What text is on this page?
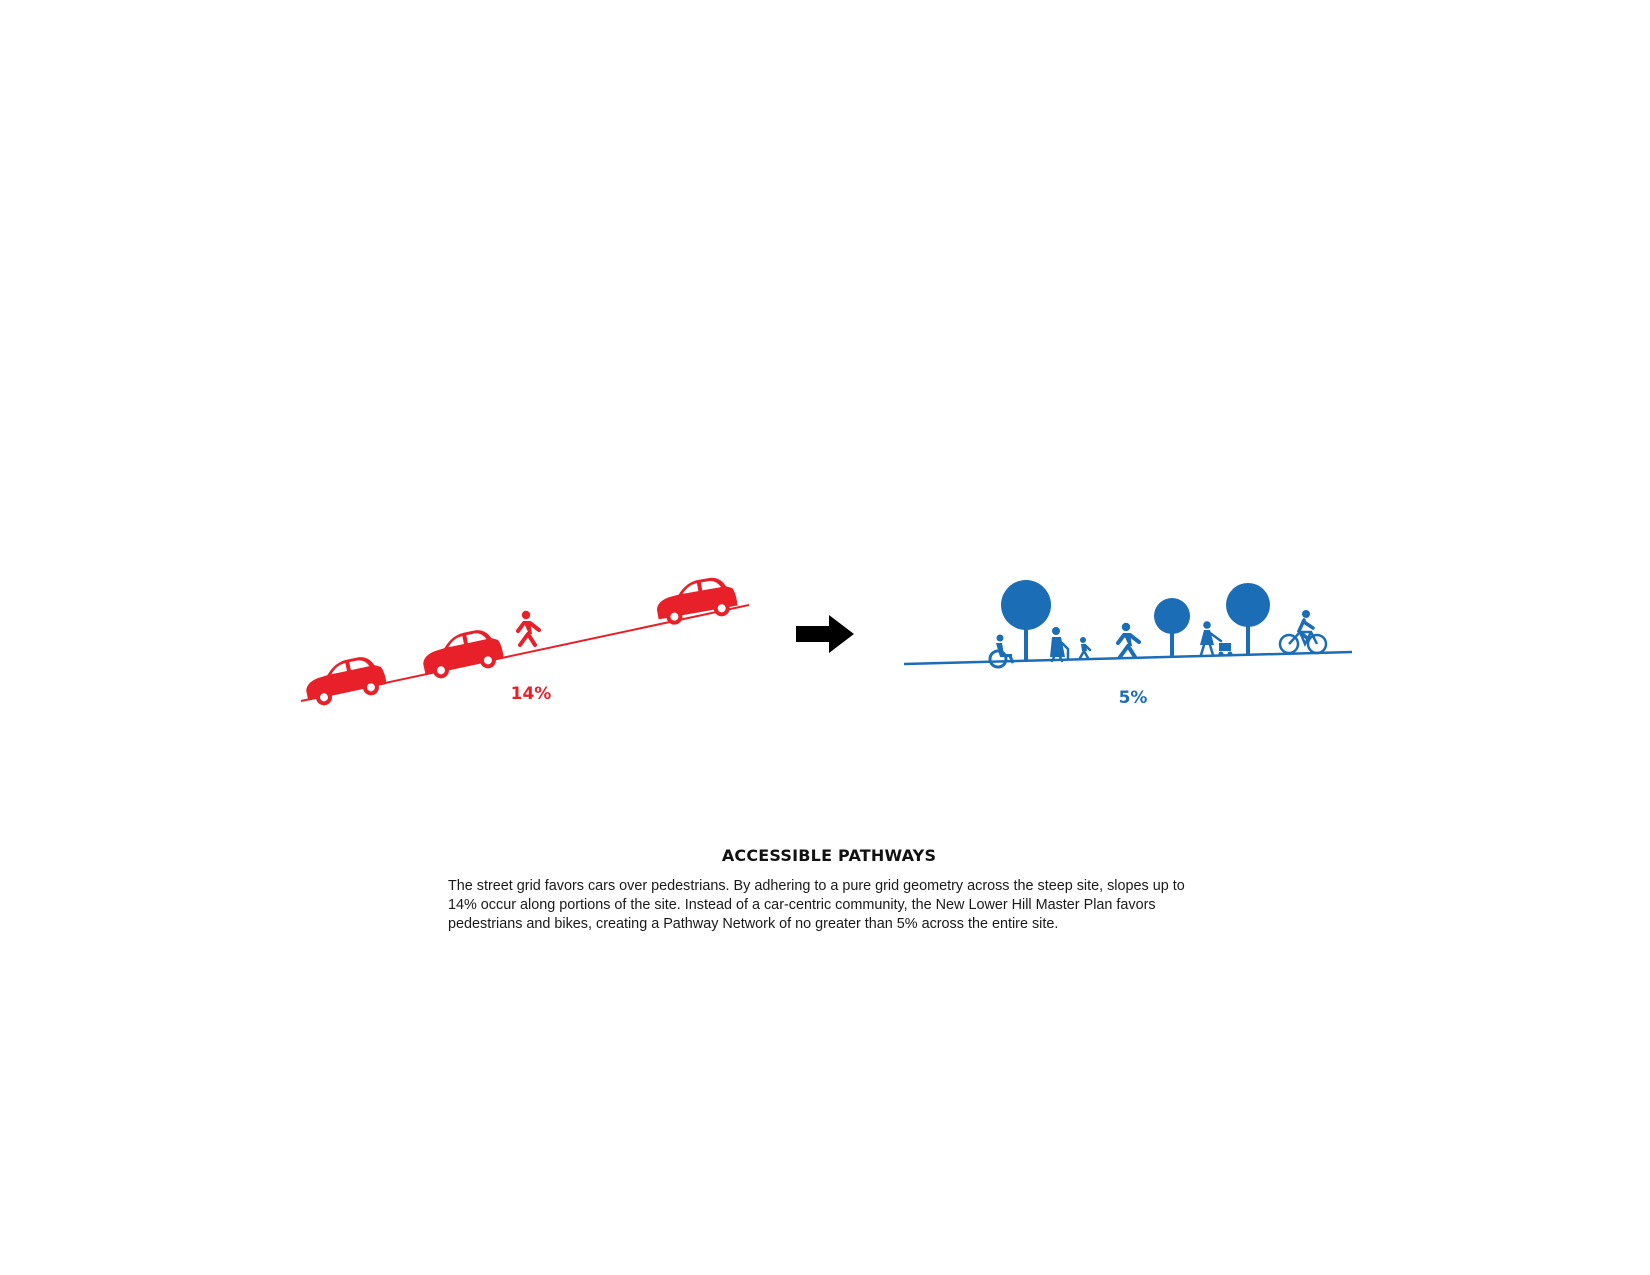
14%	5%
ACCESSIBLE PATHWAYS

The street grid favors cars over pedestrians. By adhering to a pure grid geometry across the steep site, slopes up to 14% occur along portions of the site. Instead of a car-centric community, the New Lower Hill Master Plan favors pedestrians and bikes, creating a Pathway Network of no greater than 5% across the entire site.
